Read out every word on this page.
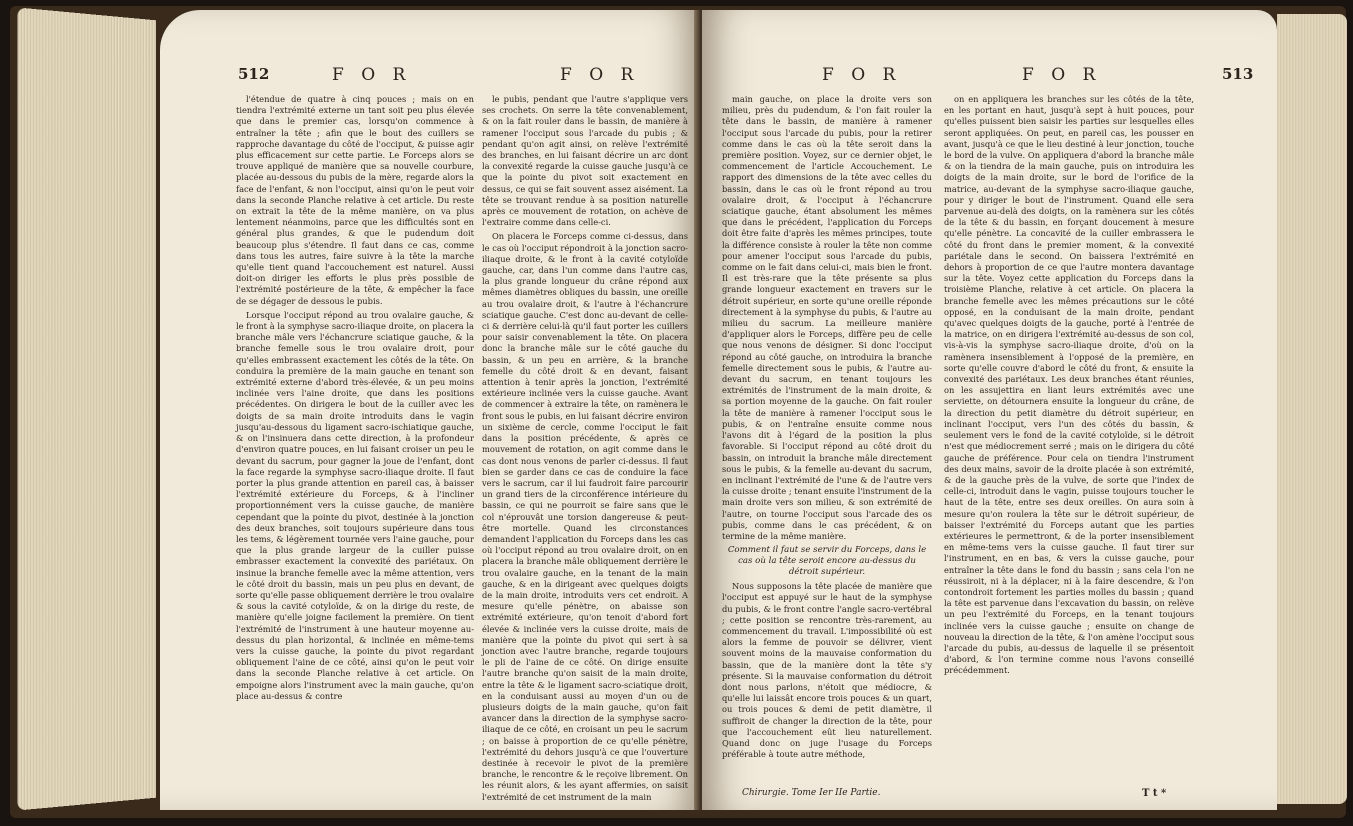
512	F O R	F O R

l'étendue de quatre à cinq pouces ; mais on en tiendra l'extrémité externe un tant soit peu plus élevée que dans le premier cas, lorsqu'on commence à entraîner la tête ; afin que le bout des cuillers se rapproche davantage du côté de l'occiput, & puisse agir plus efficacement sur cette partie. Le Forceps alors se trouve appliqué de manière que sa nouvelle courbure, placée au-dessous du pubis de la mère, regarde alors la face de l'enfant, & non l'occiput, ainsi qu'on le peut voir dans la seconde Planche relative à cet article. Du reste on extrait la tête de la même manière, on va plus lentement néanmoins, parce que les difficultés sont en général plus grandes, & que le pudendum doit beaucoup plus s'étendre. Il faut dans ce cas, comme dans tous les autres, faire suivre à la tête la marche qu'elle tient quand l'accouchement est naturel. Aussi doit-on diriger les efforts le plus près possible de l'extrémité postérieure de la tête, & empêcher la face de se dégager de dessous le pubis.

Lorsque l'occiput répond au trou ovalaire gauche, & le front à la symphyse sacro-iliaque droite, on placera la branche mâle vers l'échancrure sciatique gauche, & la branche femelle sous le trou ovalaire droit, pour qu'elles embrassent exactement les côtés de la tête. On conduira la première de la main gauche en tenant son extrémité externe d'abord très-élevée, & un peu moins inclinée vers l'aine droite, que dans les positions précédentes. On dirigera le bout de la cuiller avec les doigts de sa main droite introduits dans le vagin jusqu'au-dessous du ligament sacro-ischiatique gauche, & on l'insinuera dans cette direction, à la profondeur d'environ quatre pouces, en lui faisant croiser un peu le devant du sacrum, pour gagner la joue de l'enfant, dont la face regarde la symphyse sacro-iliaque droite. Il faut porter la plus grande attention en pareil cas, à baisser l'extrémité extérieure du Forceps, & à l'incliner proportionnément vers la cuisse gauche, de manière cependant que la pointe du pivot, destinée à la jonction des deux branches, soit toujours supérieure dans tous les tems, & légèrement tournée vers l'aine gauche, pour que la plus grande largeur de la cuiller puisse embrasser exactement la convexité des pariétaux. On insinue la branche femelle avec la même attention, vers le côté droit du bassin, mais un peu plus en devant, de sorte qu'elle passe obliquement derrière le trou ovalaire & sous la cavité cotyloïde, & on la dirige du reste, de manière qu'elle joigne facilement la première. On tient l'extrémité de l'instrument à une hauteur moyenne au-dessus du plan horizontal, & inclinée en même-tems vers la cuisse gauche, la pointe du pivot regardant obliquement l'aine de ce côté, ainsi qu'on le peut voir dans la seconde Planche relative à cet article. On empoigne alors l'instrument avec la main gauche, qu'on place au-dessus & contre

le pubis, pendant que l'autre s'applique vers ses crochets. On serre la tête convenablement, & on la fait rouler dans le bassin, de manière à ramener l'occiput sous l'arcade du pubis ; & pendant qu'on agit ainsi, on relève l'extrémité des branches, en lui faisant décrire un arc dont la convexité regarde la cuisse gauche jusqu'à ce que la pointe du pivot soit exactement en dessus, ce qui se fait souvent assez aisément. La tête se trouvant rendue à sa position naturelle après ce mouvement de rotation, on achève de l'extraire comme dans celle-ci.

On placera le Forceps comme ci-dessus, dans le cas où l'occiput répondroit à la jonction sacro-iliaque droite, & le front à la cavité cotyloïde gauche, car, dans l'un comme dans l'autre cas, la plus grande longueur du crâne répond aux mêmes diamètres obliques du bassin, une oreille au trou ovalaire droit, & l'autre à l'échancrure sciatique gauche. C'est donc au-devant de celle-ci & derrière celui-là qu'il faut porter les cuillers pour saisir convenablement la tête. On placera donc la branche mâle sur le côté gauche du bassin, & un peu en arrière, & la branche femelle du côté droit & en devant, faisant attention à tenir après la jonction, l'extrémité extérieure inclinée vers la cuisse gauche. Avant de commencer à extraire la tête, on ramènera le front sous le pubis, en lui faisant décrire environ un sixième de cercle, comme l'occiput le fait dans la position précédente, & après ce mouvement de rotation, on agit comme dans le cas dont nous venons de parler ci-dessus. Il faut bien se garder dans ce cas de conduire la face vers le sacrum, car il lui faudroit faire parcourir un grand tiers de la circonférence intérieure du bassin, ce qui ne pourroit se faire sans que le col n'éprouvât une torsion dangereuse & peut-être mortelle. Quand les circonstances demandent l'application du Forceps dans les cas où l'occiput répond au trou ovalaire droit, on en placera la branche mâle obliquement derrière le trou ovalaire gauche, en la tenant de la main gauche, & en la dirigeant avec quelques doigts de la main droite, introduits vers cet endroit. A mesure qu'elle pénètre, on abaisse son extrémité extérieure, qu'on tenoit d'abord fort élevée & inclinée vers la cuisse droite, mais de manière que la pointe du pivot qui sert à sa jonction avec l'autre branche, regarde toujours le pli de l'aine de ce côté. On dirige ensuite l'autre branche qu'on saisit de la main droite, entre la tête & le ligament sacro-sciatique droit, en la conduisant aussi au moyen d'un ou de plusieurs doigts de la main gauche, qu'on fait avancer dans la direction de la symphyse sacro-iliaque de ce côté, en croisant un peu le sacrum ; on baisse à proportion de ce qu'elle pénètre, l'extrémité du dehors jusqu'à ce que l'ouverture destinée à recevoir le pivot de la première branche, le rencontre & le reçoive librement. On les réunit alors, & les ayant affermies, on saisit l'extrémité de cet instrument de la main

F O R	F O R	513

main gauche, on place la droite vers son milieu, près du pudendum, & l'on fait rouler la tête dans le bassin, de manière à ramener l'occiput sous l'arcade du pubis, pour la retirer comme dans le cas où la tête seroit dans la première position. Voyez, sur ce dernier objet, le commencement de l'article Accouchement. Le rapport des dimensions de la tête avec celles du bassin, dans le cas où le front répond au trou ovalaire droit, & l'occiput à l'échancrure sciatique gauche, étant absolument les mêmes que dans le précédent, l'application du Forceps doit être faite d'après les mêmes principes, toute la différence consiste à rouler la tête non comme pour amener l'occiput sous l'arcade du pubis, comme on le fait dans celui-ci, mais bien le front. Il est très-rare que la tête présente sa plus grande longueur exactement en travers sur le détroit supérieur, en sorte qu'une oreille réponde directement à la symphyse du pubis, & l'autre au milieu du sacrum. La meilleure manière d'appliquer alors le Forceps, diffère peu de celle que nous venons de désigner. Si donc l'occiput répond au côté gauche, on introduira la branche femelle directement sous le pubis, & l'autre au-devant du sacrum, en tenant toujours les extrémités de l'instrument de la main droite, & sa portion moyenne de la gauche. On fait rouler la tête de manière à ramener l'occiput sous le pubis, & on l'entraîne ensuite comme nous l'avons dit à l'égard de la position la plus favorable. Si l'occiput répond au côté droit du bassin, on introduit la branche mâle directement sous le pubis, & la femelle au-devant du sacrum, en inclinant l'extrémité de l'une & de l'autre vers la cuisse droite ; tenant ensuite l'instrument de la main droite vers son milieu, & son extrémité de l'autre, on tourne l'occiput sous l'arcade des os pubis, comme dans le cas précédent, & on termine de la même manière.

Comment il faut se servir du Forceps, dans le cas où la tête seroit encore au-dessus du détroit supérieur.

Nous supposons la tête placée de manière que l'occiput est appuyé sur le haut de la symphyse du pubis, & le front contre l'angle sacro-vertébral ; cette position se rencontre très-rarement, au commencement du travail. L'impossibilité où est alors la femme de pouvoir se délivrer, vient souvent moins de la mauvaise conformation du bassin, que de la manière dont la tête s'y présente. Si la mauvaise conformation du détroit dont nous parlons, n'étoit que médiocre, & qu'elle lui laissât encore trois pouces & un quart, ou trois pouces & demi de petit diamètre, il suffiroit de changer la direction de la tête, pour que l'accouchement eût lieu naturellement. Quand donc on juge l'usage du Forceps préférable à toute autre méthode,

on en appliquera les branches sur les côtés de la tête, en les portant en haut, jusqu'à sept à huit pouces, pour qu'elles puissent bien saisir les parties sur lesquelles elles seront appliquées. On peut, en pareil cas, les pousser en avant, jusqu'à ce que le lieu destiné à leur jonction, touche le bord de la vulve. On appliquera d'abord la branche mâle & on la tiendra de la main gauche, puis on introduira les doigts de la main droite, sur le bord de l'orifice de la matrice, au-devant de la symphyse sacro-iliaque gauche, pour y diriger le bout de l'instrument. Quand elle sera parvenue au-delà des doigts, on la ramènera sur les côtés de la tête & du bassin, en forçant doucement à mesure qu'elle pénètre. La concavité de la cuiller embrassera le côté du front dans le premier moment, & la convexité pariétale dans le second. On baissera l'extrémité en dehors à proportion de ce que l'autre montera davantage sur la tête. Voyez cette application du Forceps dans la troisième Planche, relative à cet article. On placera la branche femelle avec les mêmes précautions sur le côté opposé, en la conduisant de la main droite, pendant qu'avec quelques doigts de la gauche, porté à l'entrée de la matrice, on en dirigera l'extrémité au-dessus de son col, vis-à-vis la symphyse sacro-iliaque droite, d'où on la ramènera insensiblement à l'opposé de la première, en sorte qu'elle couvre d'abord le côté du front, & ensuite la convexité des pariétaux. Les deux branches étant réunies, on les assujettira en liant leurs extrémités avec une serviette, on détournera ensuite la longueur du crâne, de la direction du petit diamètre du détroit supérieur, en inclinant l'occiput, vers l'un des côtés du bassin, & seulement vers le fond de la cavité cotyloïde, si le détroit n'est que médiocrement serré ; mais on le dirigera du côté gauche de préférence. Pour cela on tiendra l'instrument des deux mains, savoir de la droite placée à son extrémité, & de la gauche près de la vulve, de sorte que l'index de celle-ci, introduit dans le vagin, puisse toujours toucher le haut de la tête, entre ses deux oreilles. On aura soin à mesure qu'on roulera la tête sur le détroit supérieur, de baisser l'extrémité du Forceps autant que les parties extérieures le permettront, & de la porter insensiblement en même-tems vers la cuisse gauche. Il faut tirer sur l'instrument, en en bas, & vers la cuisse gauche, pour entraîner la tête dans le fond du bassin ; sans cela l'on ne réussiroit, ni à la déplacer, ni à la faire descendre, & l'on contondroit fortement les parties molles du bassin ; quand la tête est parvenue dans l'excavation du bassin, on relève un peu l'extrémité du Forceps, en la tenant toujours inclinée vers la cuisse gauche ; ensuite on change de nouveau la direction de la tête, & l'on amène l'occiput sous l'arcade du pubis, au-dessus de laquelle il se présentoit d'abord, & l'on termine comme nous l'avons conseillé précédemment.

Chirurgie. Tome Ier IIe Partie.	T t *
